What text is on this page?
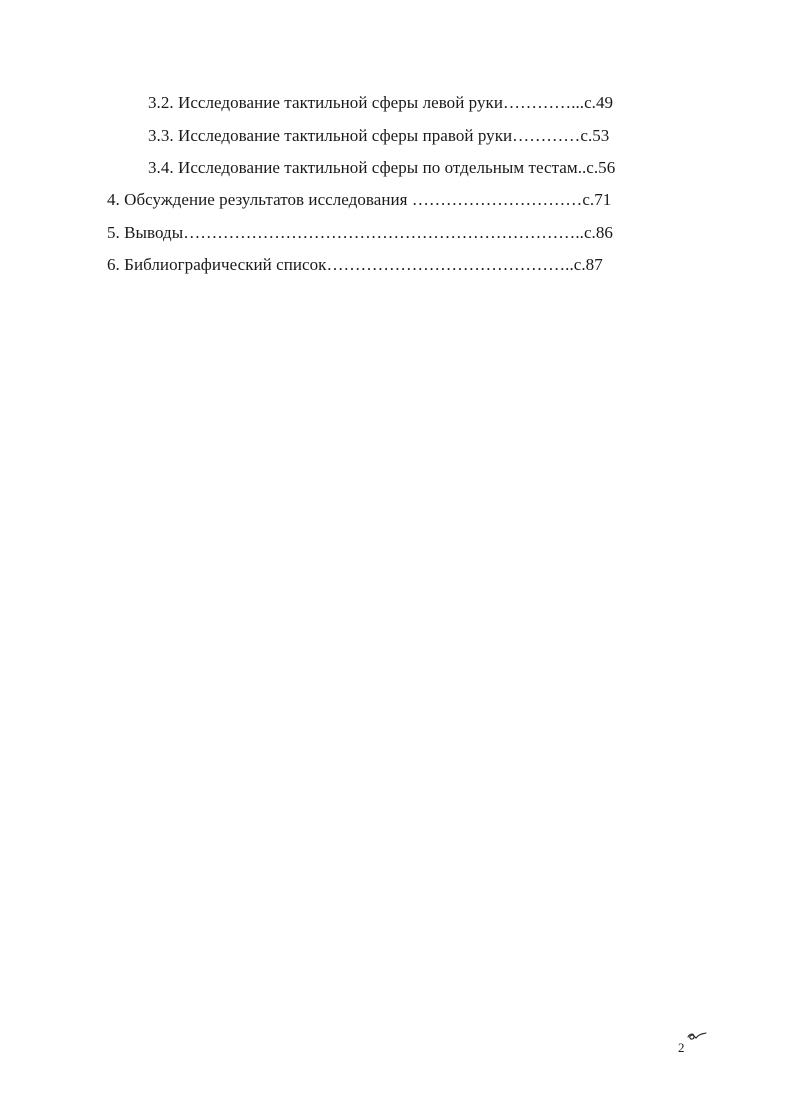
3.2. Исследование тактильной сферы левой руки…………...с.49
3.3. Исследование тактильной сферы правой руки…………с.53
3.4. Исследование тактильной сферы по отдельным тестам..с.56
4. Обсуждение результатов исследования …………………………с.71
5. Выводы……………………………………………………………..с.86
6. Библиографический список……………………………………..с.87
2
